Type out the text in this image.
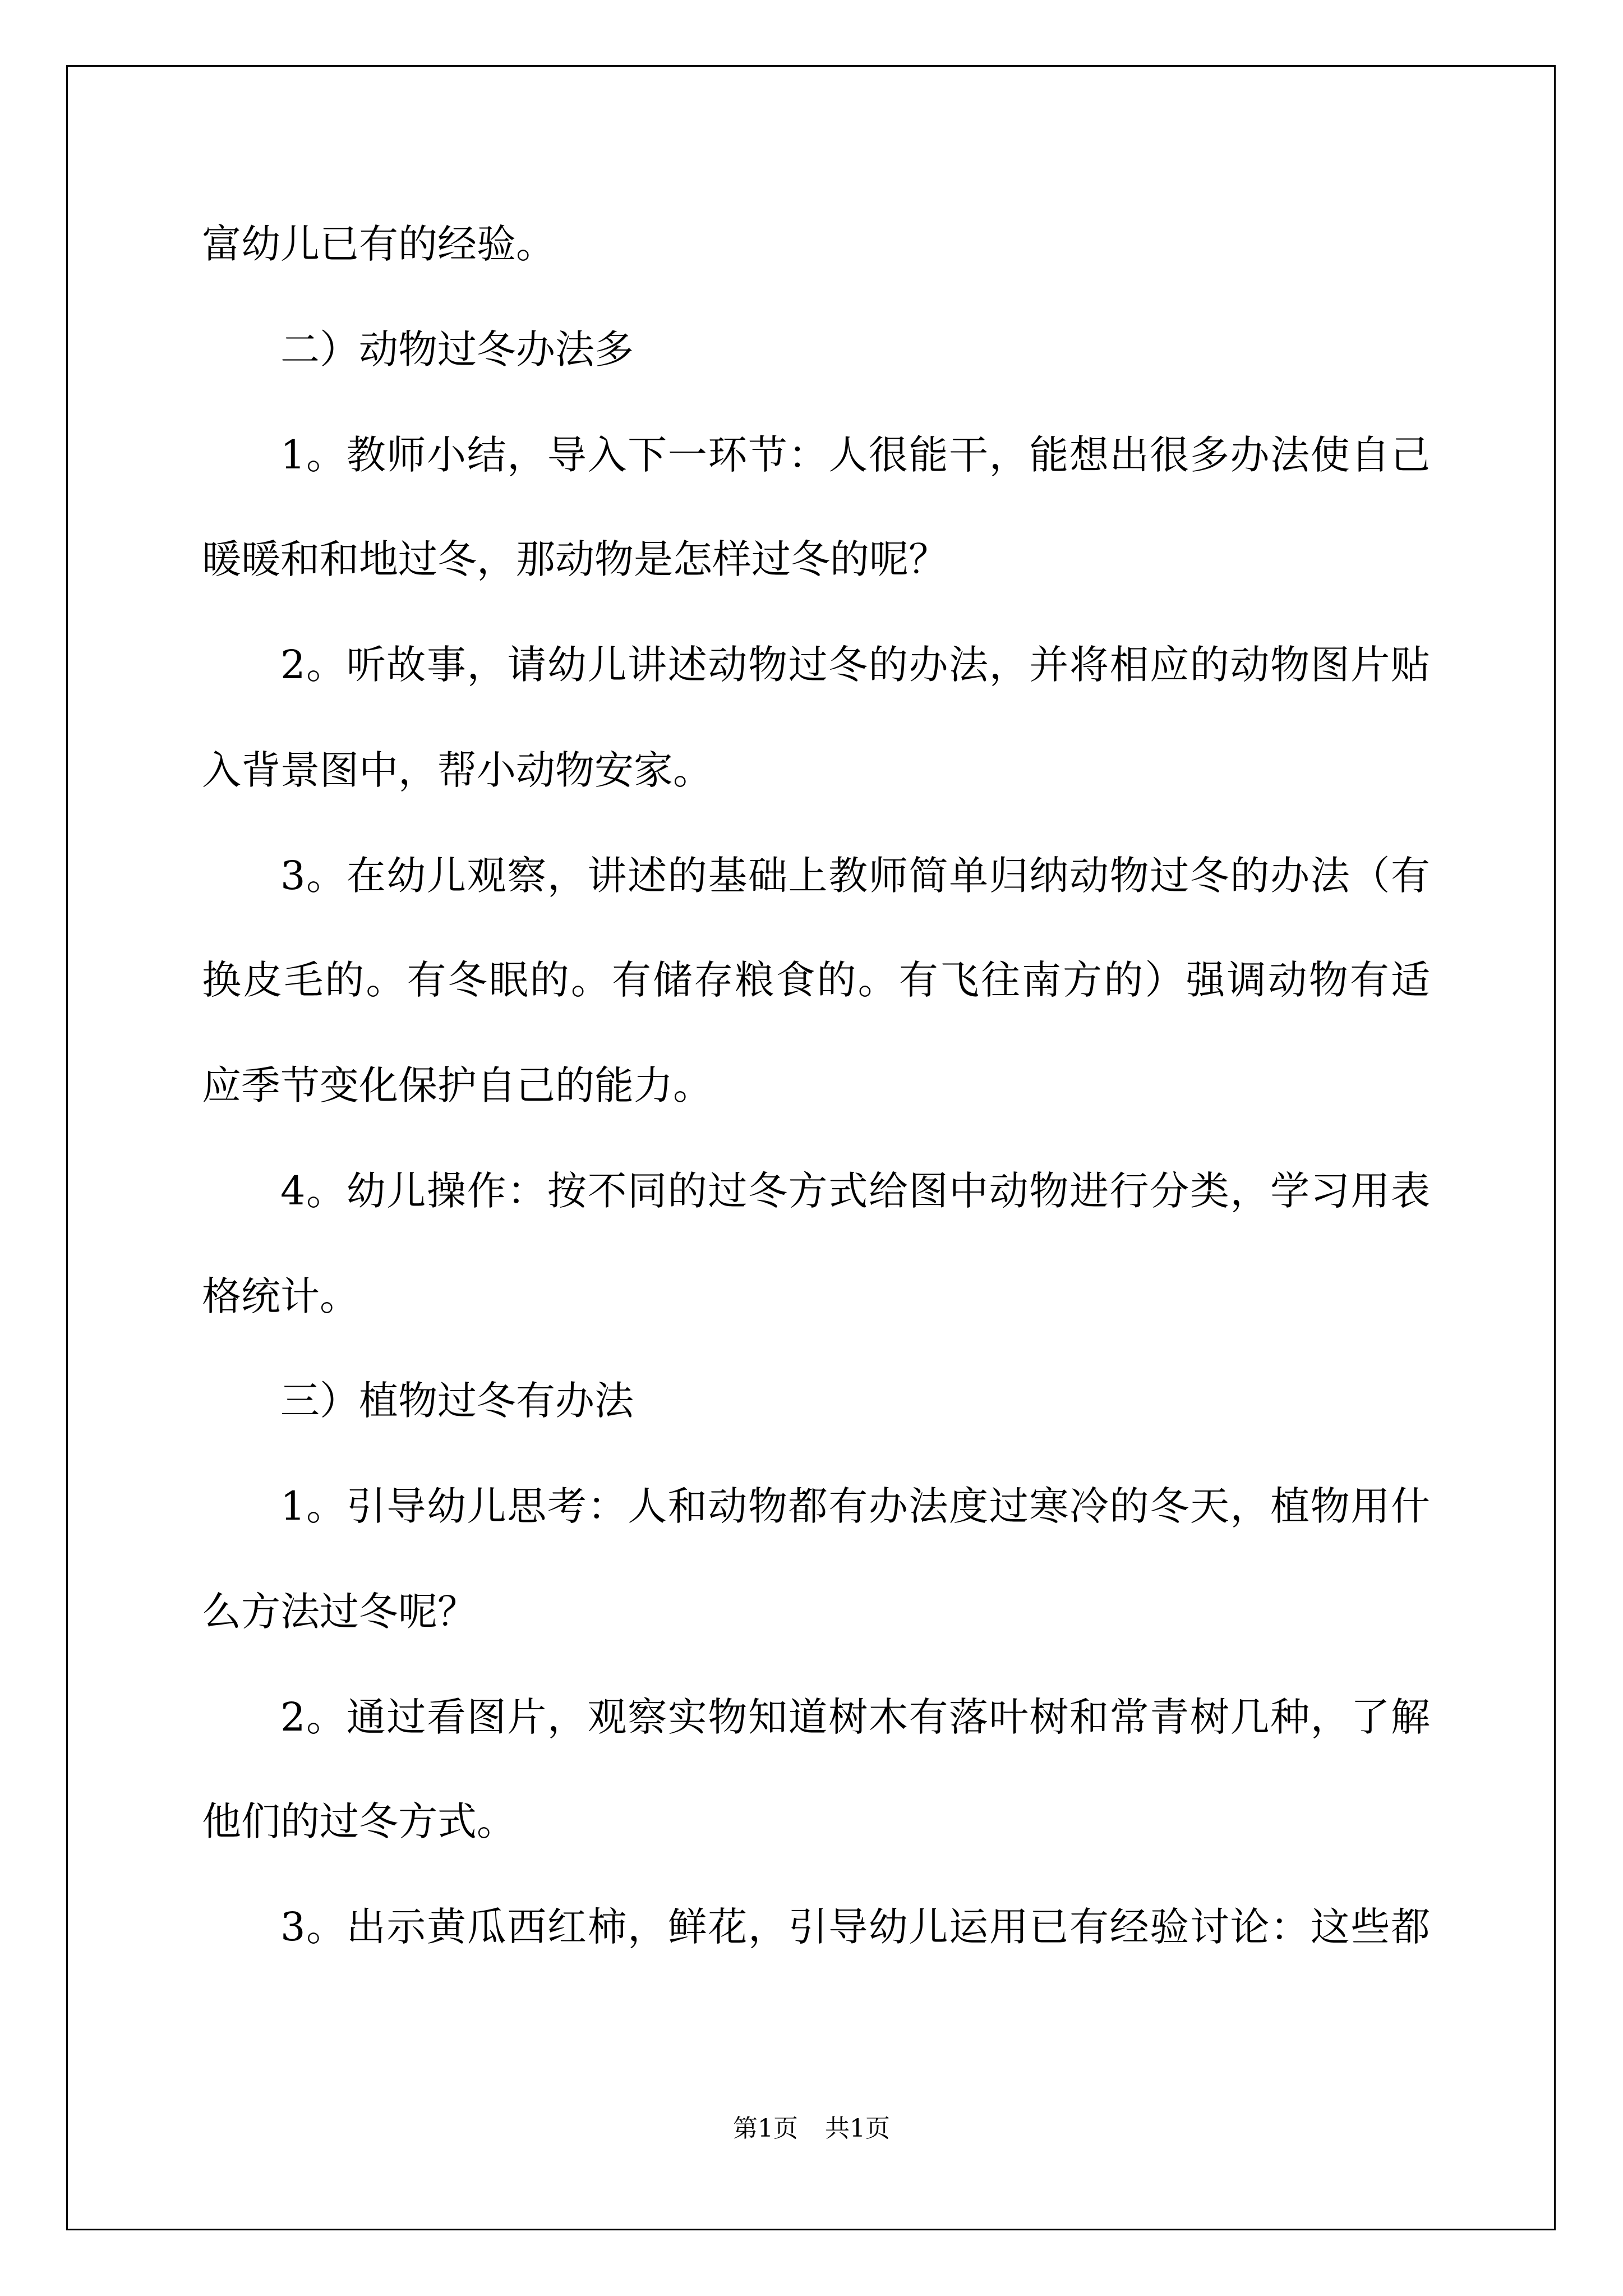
富幼儿已有的经验。
二）动物过冬办法多
1。教师小结，导入下一环节：人很能干，能想出很多办法使自己
暖暖和和地过冬，那动物是怎样过冬的呢？
2。听故事，请幼儿讲述动物过冬的办法，并将相应的动物图片贴
入背景图中，帮小动物安家。
3。在幼儿观察，讲述的基础上教师简单归纳动物过冬的办法（有
换皮毛的。有冬眠的。有储存粮食的。有飞往南方的）强调动物有适
应季节变化保护自己的能力。
4。幼儿操作：按不同的过冬方式给图中动物进行分类，学习用表
格统计。
三）植物过冬有办法
1。引导幼儿思考：人和动物都有办法度过寒冷的冬天，植物用什
么方法过冬呢？
2。通过看图片，观察实物知道树木有落叶树和常青树几种，了解
他们的过冬方式。
3。出示黄瓜西红柿，鲜花，引导幼儿运用已有经验讨论：这些都
第1页 共1页
